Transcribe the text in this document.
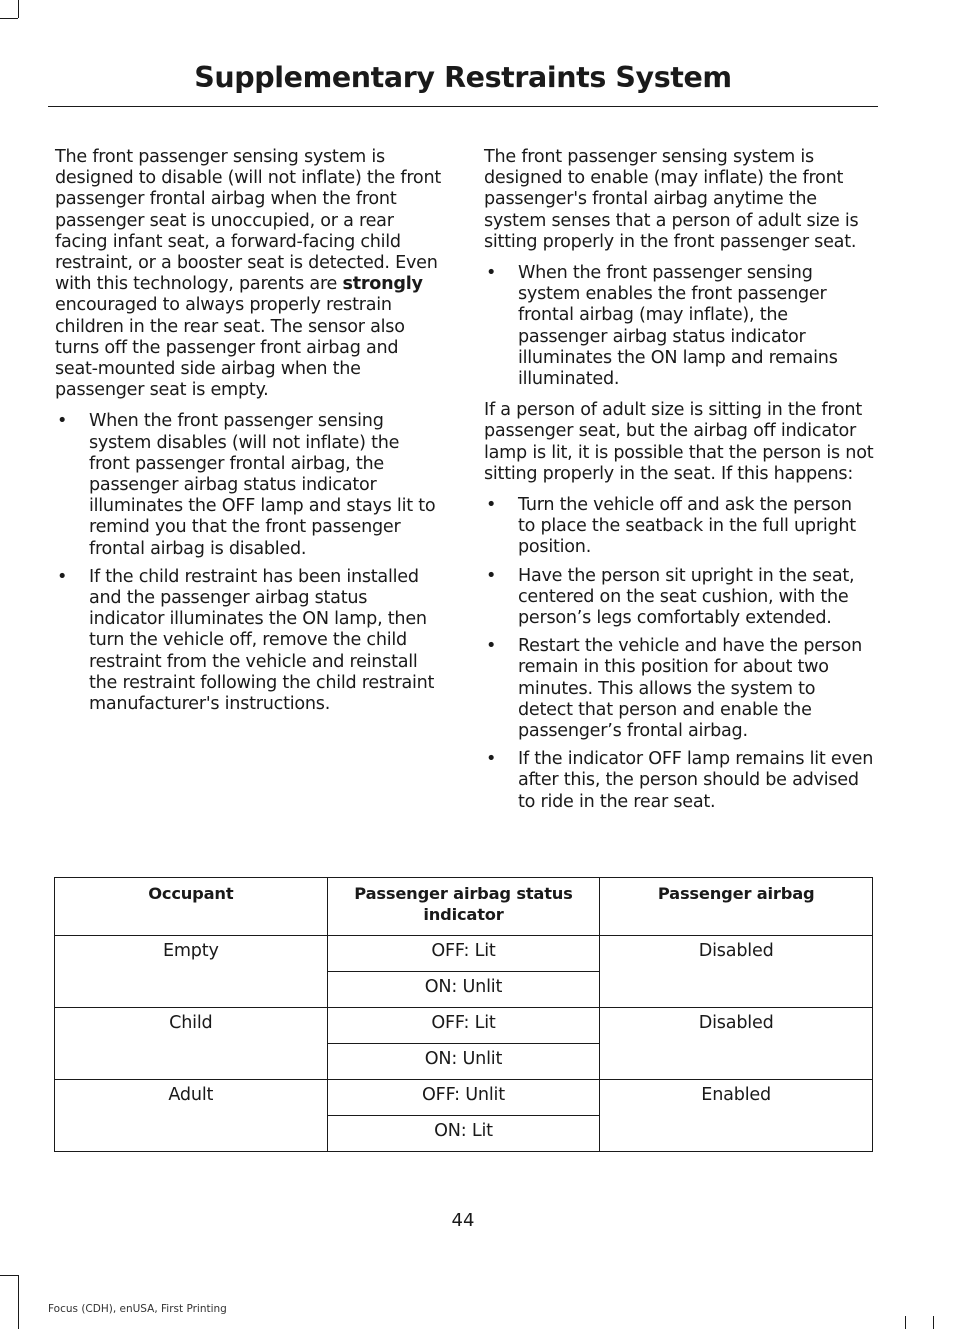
Supplementary Restraints System

The front passenger sensing system is designed to disable (will not inflate) the front passenger frontal airbag when the front passenger seat is unoccupied, or a rear facing infant seat, a forward-facing child restraint, or a booster seat is detected. Even with this technology, parents are strongly encouraged to always properly restrain children in the rear seat. The sensor also turns off the passenger front airbag and seat-mounted side airbag when the passenger seat is empty.

• When the front passenger sensing system disables (will not inflate) the front passenger frontal airbag, the passenger airbag status indicator illuminates the OFF lamp and stays lit to remind you that the front passenger frontal airbag is disabled.
• If the child restraint has been installed and the passenger airbag status indicator illuminates the ON lamp, then turn the vehicle off, remove the child restraint from the vehicle and reinstall the restraint following the child restraint manufacturer's instructions.

The front passenger sensing system is designed to enable (may inflate) the front passenger's frontal airbag anytime the system senses that a person of adult size is sitting properly in the front passenger seat.

• When the front passenger sensing system enables the front passenger frontal airbag (may inflate), the passenger airbag status indicator illuminates the ON lamp and remains illuminated.

If a person of adult size is sitting in the front passenger seat, but the airbag off indicator lamp is lit, it is possible that the person is not sitting properly in the seat. If this happens:

• Turn the vehicle off and ask the person to place the seatback in the full upright position.
• Have the person sit upright in the seat, centered on the seat cushion, with the person’s legs comfortably extended.
• Restart the vehicle and have the person remain in this position for about two minutes. This allows the system to detect that person and enable the passenger’s frontal airbag.
• If the indicator OFF lamp remains lit even after this, the person should be advised to ride in the rear seat.
Occupant	Passenger airbag status indicator	Passenger airbag
Empty	OFF: Lit	Disabled
	ON: Unlit	
Child	OFF: Lit	Disabled
	ON: Unlit	
Adult	OFF: Unlit	Enabled
	ON: Lit	
44
Focus (CDH), enUSA, First Printing
